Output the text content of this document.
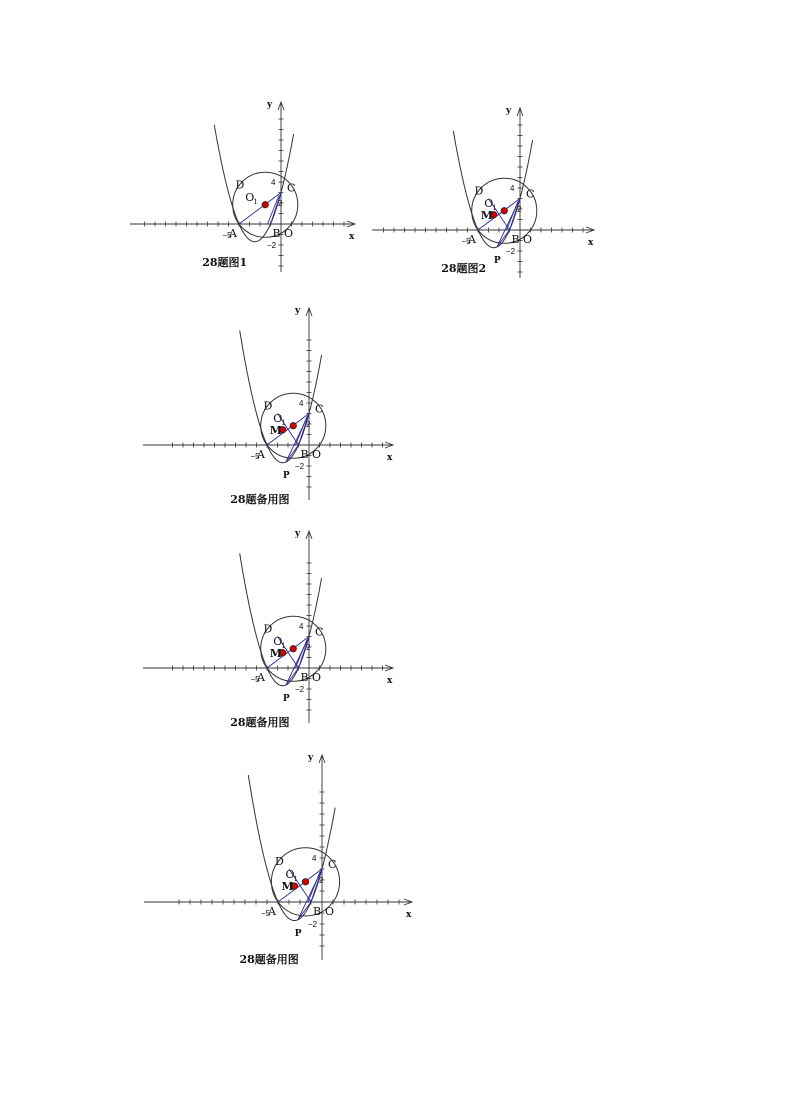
−5
4
2
−2
x
y
O
1
A	B O
C
D
28题图1
−5
4
2
−2
x
y
M
O
1
A	B O
C
D
P
28题图2
−5
4
2
−2
x
y
M
O
1
A	B O
C
D
P
28题备用图
−5
4
2
−2
x
y
M
O
1
A	B O
C
D
P
28题备用图
−5
4
2
−2
x
y
M
O
1
A	B O
C
D
P
28题备用图
